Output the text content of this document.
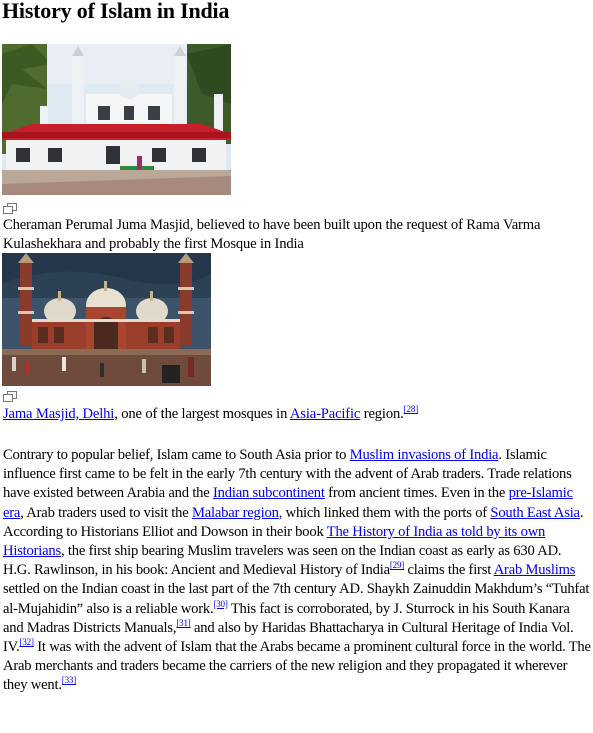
History of Islam in India

Cheraman Perumal Juma Masjid, believed to have been built upon the request of Rama Varma Kulashekhara and probably the first Mosque in India

Jama Masjid, Delhi, one of the largest mosques in Asia-Pacific region.[28]

Contrary to popular belief, Islam came to South Asia prior to Muslim invasions of India. Islamic influence first came to be felt in the early 7th century with the advent of Arab traders. Trade relations have existed between Arabia and the Indian subcontinent from ancient times. Even in the pre-Islamic era, Arab traders used to visit the Malabar region, which linked them with the ports of South East Asia. According to Historians Elliot and Dowson in their book The History of India as told by its own Historians, the first ship bearing Muslim travelers was seen on the Indian coast as early as 630 AD. H.G. Rawlinson, in his book: Ancient and Medieval History of India[29] claims the first Arab Muslims settled on the Indian coast in the last part of the 7th century AD. Shaykh Zainuddin Makhdum’s “Tuhfat al-Mujahidin” also is a reliable work.[30] This fact is corroborated, by J. Sturrock in his South Kanara and Madras Districts Manuals,[31] and also by Haridas Bhattacharya in Cultural Heritage of India Vol. IV.[32] It was with the advent of Islam that the Arabs became a prominent cultural force in the world. The Arab merchants and traders became the carriers of the new religion and they propagated it wherever they went.[33]
